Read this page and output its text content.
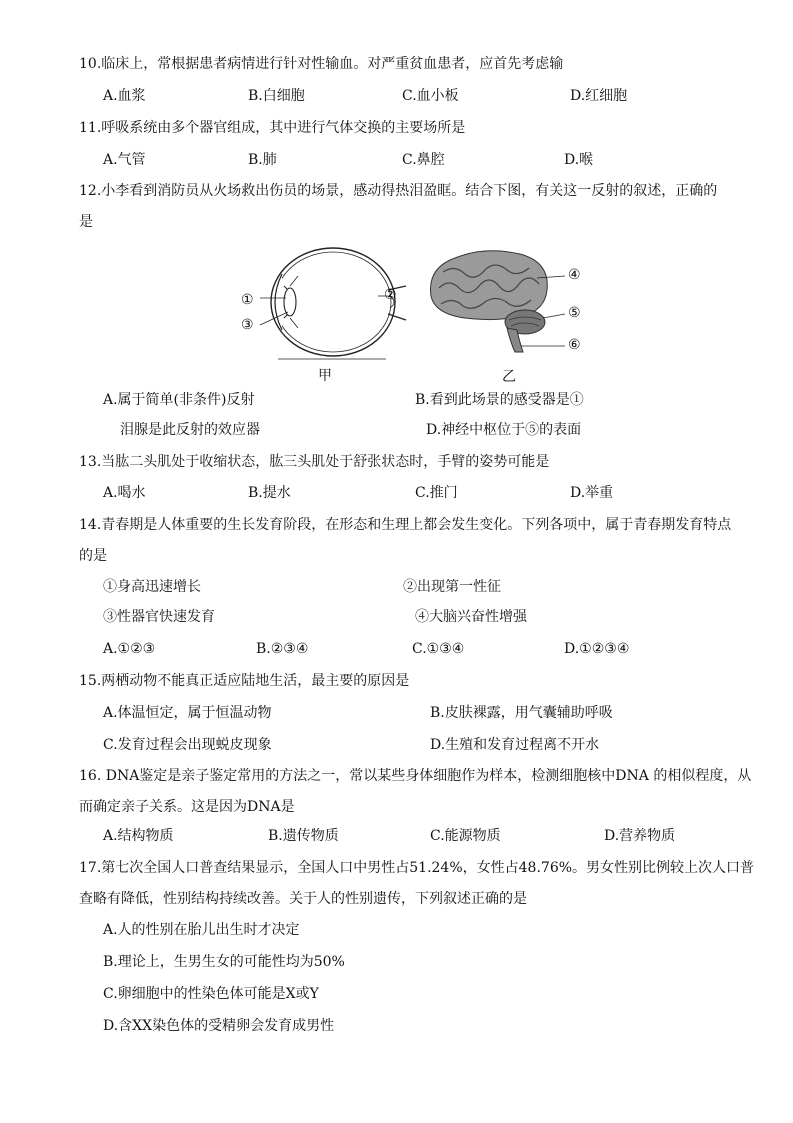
10.临床上，常根据患者病情进行针对性输血。对严重贫血患者，应首先考虑输 
A.血浆	B.白细胞	C.血小板	D.红细胞
11.呼吸系统由多个器官组成，其中进行气体交换的主要场所是
A.气管	B.肺	C.鼻腔	D.喉
12.小李看到消防员从火场救出伤员的场景，感动得热泪盈眶。结合下图，有关这一反射的叙述，正确的
是
①	②
③
甲
④
⑤
⑥
乙
A.属于简单(非条件)反射	B.看到此场景的感受器是①
泪腺是此反射的效应器	D.神经中枢位于⑤的表面
13.当肱二头肌处于收缩状态，肱三头肌处于舒张状态时，手臂的姿势可能是
A.喝水	B.提水	C.推门	D.举重
14.青春期是人体重要的生长发育阶段，在形态和生理上都会发生变化。下列各项中，属于青春期发育特点
的是
①身高迅速增长	②出现第一性征
③性器官快速发育	④大脑兴奋性增强
A.①②③	B.②③④	C.①③④	D.①②③④
15.两栖动物不能真正适应陆地生活，最主要的原因是
A.体温恒定，属于恒温动物	B.皮肤裸露，用气囊辅助呼吸
C.发育过程会出现蜕皮现象	D.生殖和发育过程离不开水
16. DNA鉴定是亲子鉴定常用的方法之一，常以某些身体细胞作为样本，检测细胞核中DNA 的相似程度，从
而确定亲子关系。这是因为DNA是
A.结构物质	B.遗传物质	C.能源物质	D.营养物质
17.第七次全国人口普查结果显示，全国人口中男性占51.24%，女性占48.76%。男女性别比例较上次人口普
查略有降低，性别结构持续改善。关于人的性别遗传，下列叙述正确的是
A.人的性别在胎儿出生时才决定
B.理论上，生男生女的可能性均为50%
C.卵细胞中的性染色体可能是X或Y
D.含XX染色体的受精卵会发育成男性
